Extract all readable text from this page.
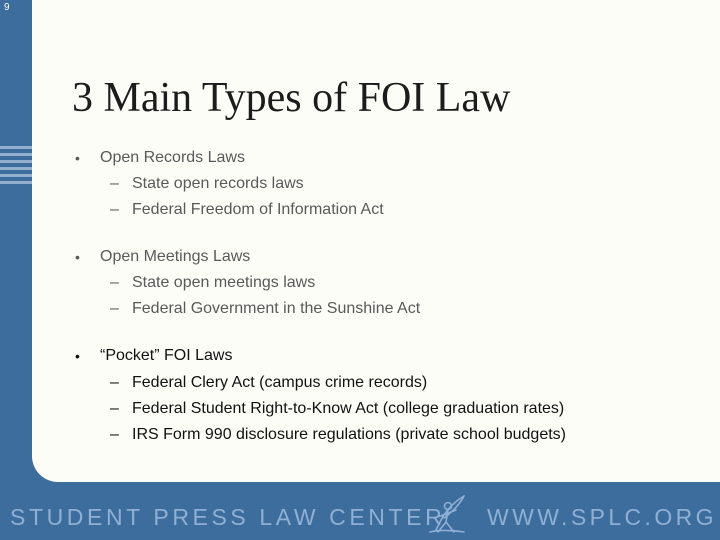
9
3 Main Types of FOI Law
• Open Records Laws
– State open records laws
– Federal Freedom of Information Act
• Open Meetings Laws
– State open meetings laws
– Federal Government in the Sunshine Act
• “Pocket” FOI Laws
– Federal Clery Act (campus crime records)
– Federal Student Right-to-Know Act (college graduation rates)
– IRS Form 990 disclosure regulations (private school budgets)
STUDENT PRESS LAW CENTER WWW.SPLC.ORG
